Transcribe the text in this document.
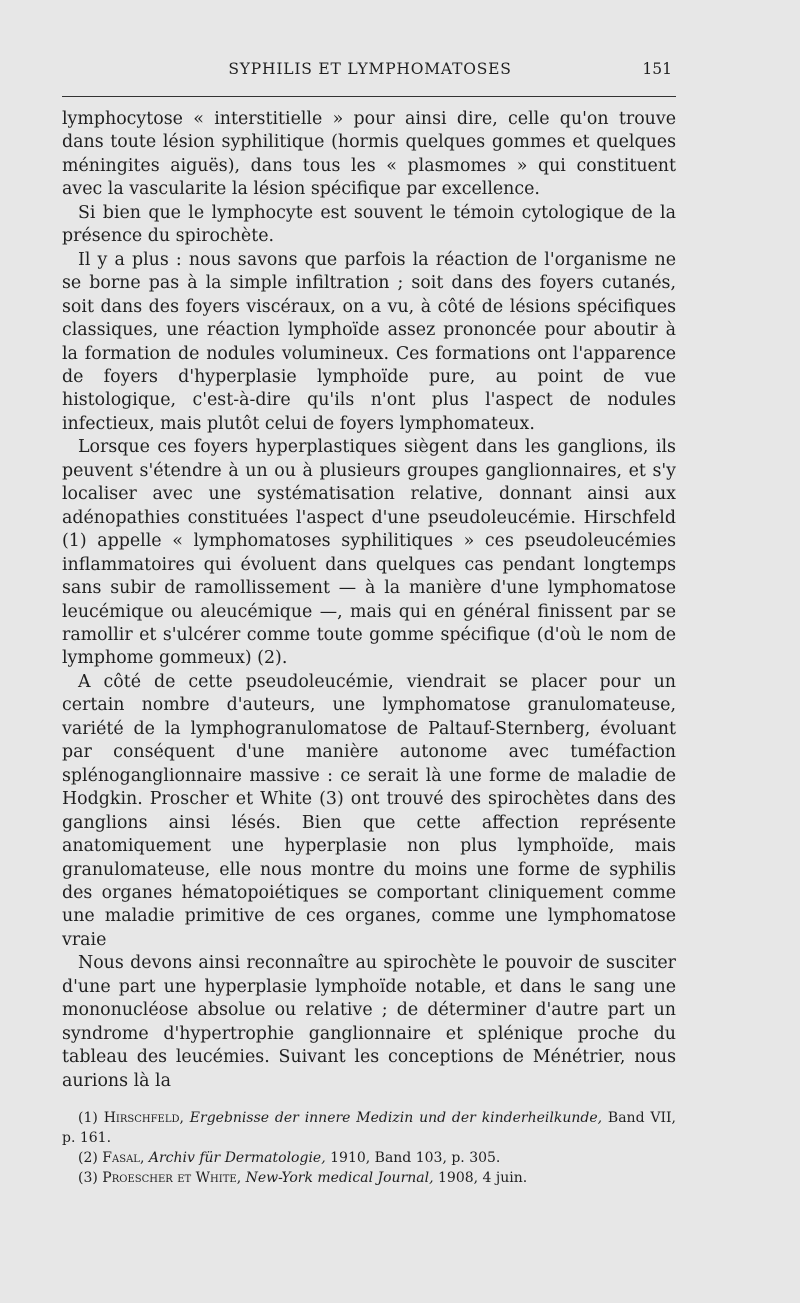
SYPHILIS ET LYMPHOMATOSES	151

lymphocytose « interstitielle » pour ainsi dire, celle qu'on trouve dans toute lésion syphilitique (hormis quelques gommes et quelques méningites aiguës), dans tous les « plasmomes » qui constituent avec la vascularite la lésion spécifique par excellence.

Si bien que le lymphocyte est souvent le témoin cytologique de la présence du spirochète.

Il y a plus : nous savons que parfois la réaction de l'organisme ne se borne pas à la simple infiltration ; soit dans des foyers cutanés, soit dans des foyers viscéraux, on a vu, à côté de lésions spécifiques classiques, une réaction lymphoïde assez prononcée pour aboutir à la formation de nodules volumineux. Ces formations ont l'apparence de foyers d'hyperplasie lymphoïde pure, au point de vue histologique, c'est-à-dire qu'ils n'ont plus l'aspect de nodules infectieux, mais plutôt celui de foyers lymphomateux.

Lorsque ces foyers hyperplastiques siègent dans les ganglions, ils peuvent s'étendre à un ou à plusieurs groupes ganglionnaires, et s'y localiser avec une systématisation relative, donnant ainsi aux adénopathies constituées l'aspect d'une pseudoleucémie. Hirschfeld (1) appelle « lymphomatoses syphilitiques » ces pseudoleucémies inflammatoires qui évoluent dans quelques cas pendant longtemps sans subir de ramollissement — à la manière d'une lymphomatose leucémique ou aleucémique —, mais qui en général finissent par se ramollir et s'ulcérer comme toute gomme spécifique (d'où le nom de lymphome gommeux) (2).

A côté de cette pseudoleucémie, viendrait se placer pour un certain nombre d'auteurs, une lymphomatose granulomateuse, variété de la lymphogranulomatose de Paltauf-Sternberg, évoluant par conséquent d'une manière autonome avec tuméfaction splénoganglionnaire massive : ce serait là une forme de maladie de Hodgkin. Proscher et White (3) ont trouvé des spirochètes dans des ganglions ainsi lésés. Bien que cette affection représente anatomiquement une hyperplasie non plus lymphoïde, mais granulomateuse, elle nous montre du moins une forme de syphilis des organes hématopoiétiques se comportant cliniquement comme une maladie primitive de ces organes, comme une lymphomatose vraie

Nous devons ainsi reconnaître au spirochète le pouvoir de susciter d'une part une hyperplasie lymphoïde notable, et dans le sang une mononucléose absolue ou relative ; de déterminer d'autre part un syndrome d'hypertrophie ganglionnaire et splénique proche du tableau des leucémies. Suivant les conceptions de Ménétrier, nous aurions là la

(1) Hirschfeld, Ergebnisse der innere Medizin und der kinderheilkunde, Band VII, p. 161.

(2) Fasal, Archiv für Dermatologie, 1910, Band 103, p. 305.

(3) Proescher et White, New-York medical Journal, 1908, 4 juin.
